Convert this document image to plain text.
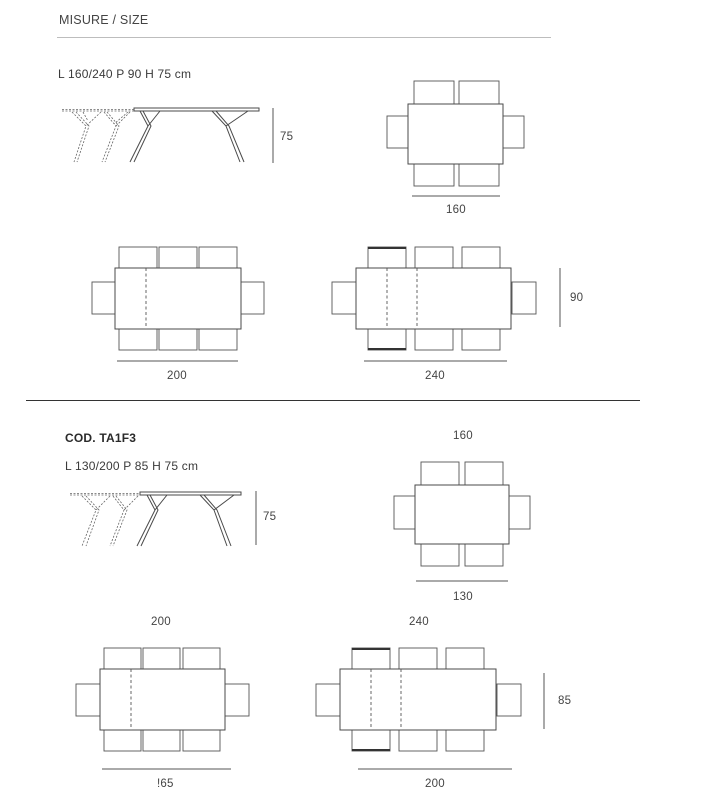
MISURE / SIZE
L 160/240 P 90 H 75 cm
75
160
200	240
90
COD. TA1F3
L 130/200 P 85 H 75 cm
75
160
130
200
!65
240
200
85
